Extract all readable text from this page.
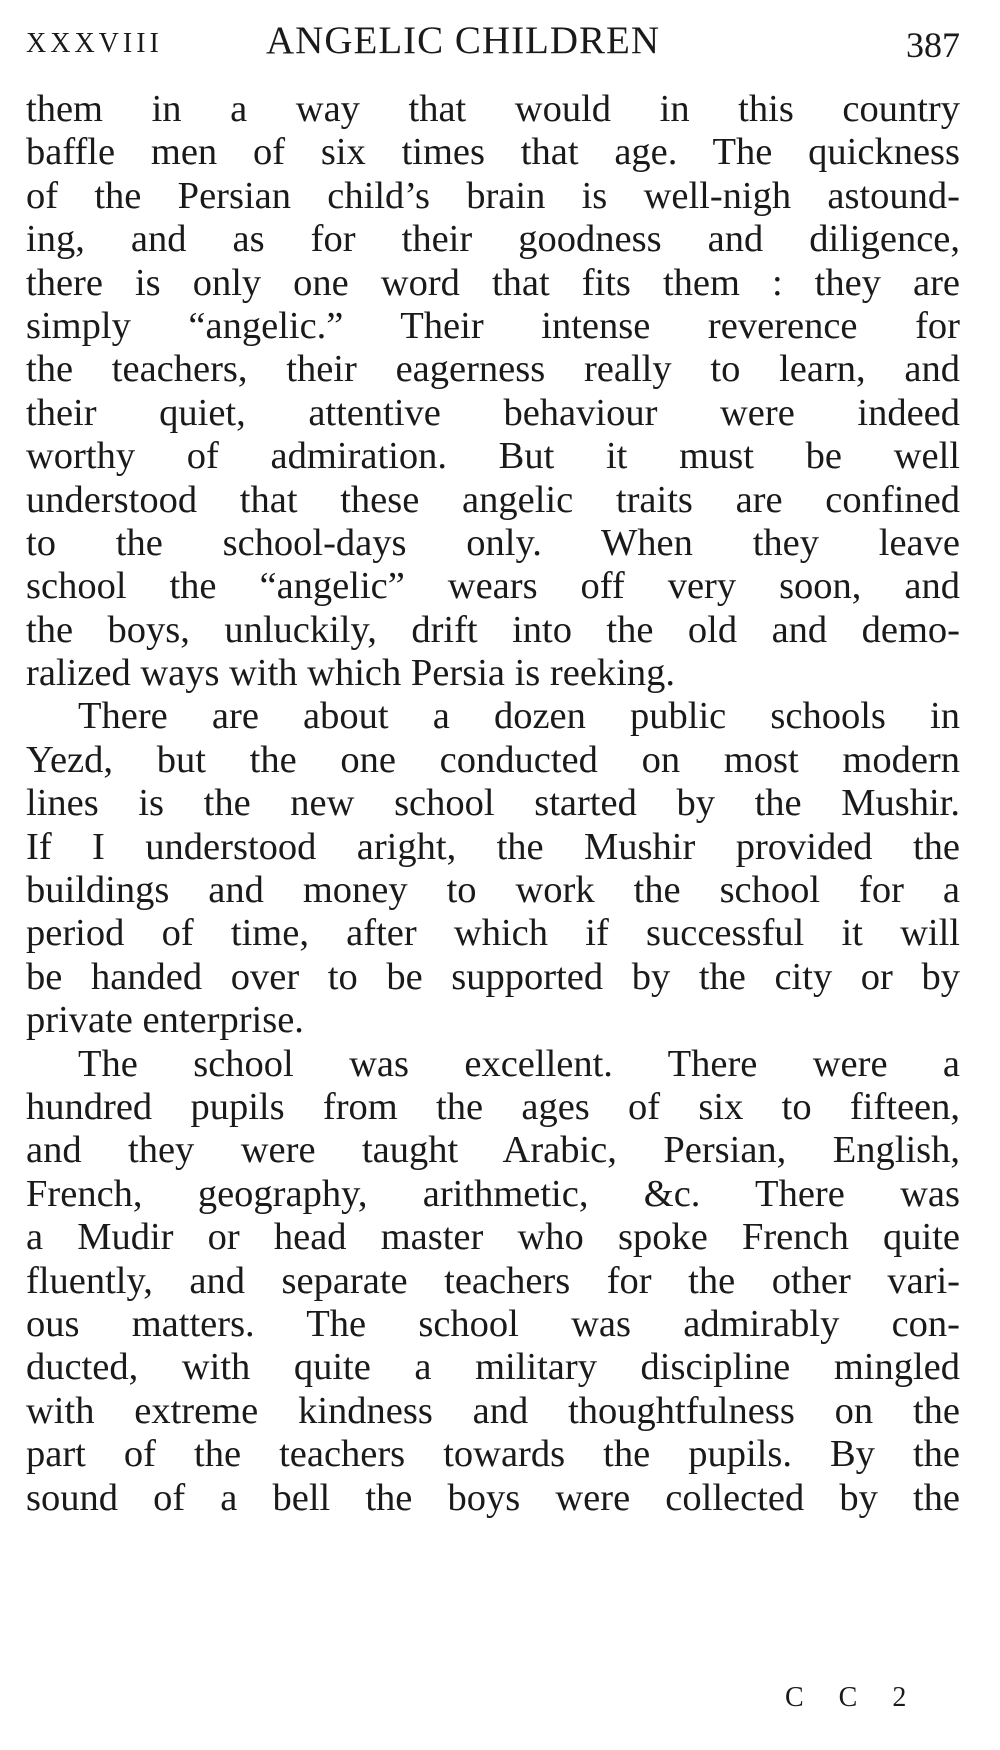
XXXVIII	ANGELIC CHILDREN	387
them in a way that would in this country
baffle men of six times that age. The quickness
of the Persian child’s brain is well-nigh astound-
ing, and as for their goodness and diligence,
there is only one word that fits them : they are
simply “angelic.” Their intense reverence for
the teachers, their eagerness really to learn, and
their quiet, attentive behaviour were indeed
worthy of admiration. But it must be well
understood that these angelic traits are confined
to the school-days only. When they leave
school the “angelic” wears off very soon, and
the boys, unluckily, drift into the old and demo-
ralized ways with which Persia is reeking.
There are about a dozen public schools in
Yezd, but the one conducted on most modern
lines is the new school started by the Mushir.
If I understood aright, the Mushir provided the
buildings and money to work the school for a
period of time, after which if successful it will
be handed over to be supported by the city or by
private enterprise.
The school was excellent. There were a
hundred pupils from the ages of six to fifteen,
and they were taught Arabic, Persian, English,
French, geography, arithmetic, &c. There was
a Mudir or head master who spoke French quite
fluently, and separate teachers for the other vari-
ous matters. The school was admirably con-
ducted, with quite a military discipline mingled
with extreme kindness and thoughtfulness on the
part of the teachers towards the pupils. By the
sound of a bell the boys were collected by the
C C 2
